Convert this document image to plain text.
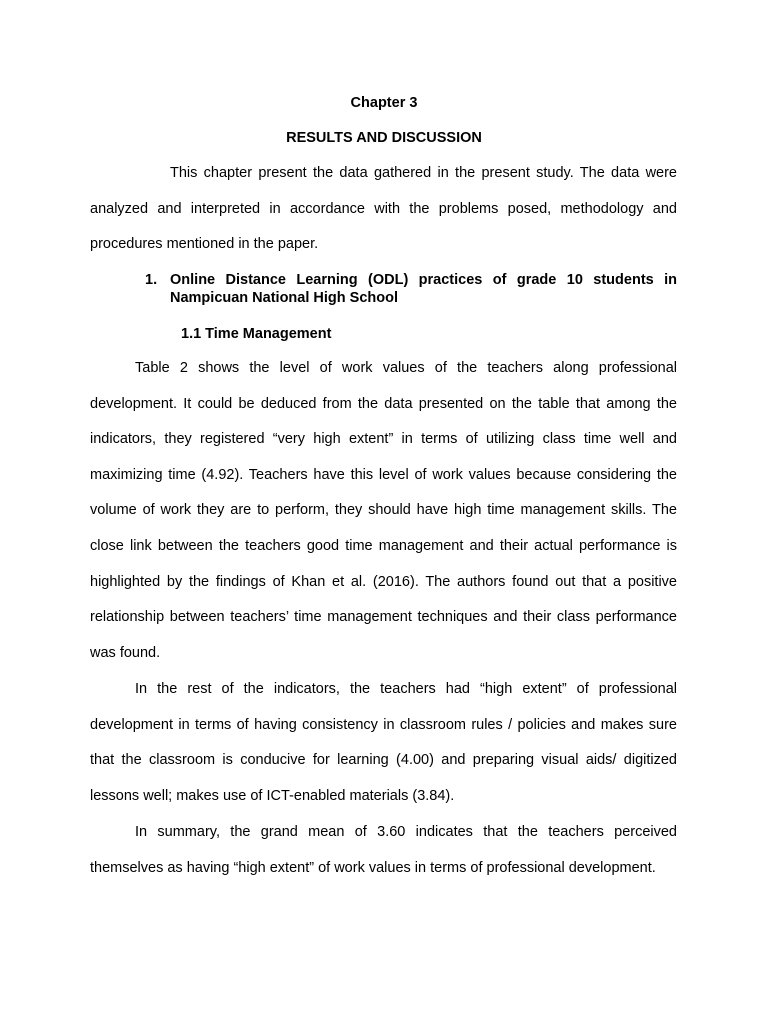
Chapter 3
RESULTS AND DISCUSSION

This chapter present the data gathered in the present study. The data were analyzed and interpreted in accordance with the problems posed, methodology and procedures mentioned in the paper.

1. Online Distance Learning (ODL) practices of grade 10 students in Nampicuan National High School
1.1 Time Management

Table 2 shows the level of work values of the teachers along professional development. It could be deduced from the data presented on the table that among the indicators, they registered “very high extent” in terms of utilizing class time well and maximizing time (4.92). Teachers have this level of work values because considering the volume of work they are to perform, they should have high time management skills. The close link between the teachers good time management and their actual performance is highlighted by the findings of Khan et al. (2016). The authors found out that a positive relationship between teachers’ time management techniques and their class performance was found.

In the rest of the indicators, the teachers had “high extent” of professional development in terms of having consistency in classroom rules / policies and makes sure that the classroom is conducive for learning (4.00) and preparing visual aids/ digitized lessons well; makes use of ICT-enabled materials (3.84).

In summary, the grand mean of 3.60 indicates that the teachers perceived themselves as having “high extent” of work values in terms of professional development.
